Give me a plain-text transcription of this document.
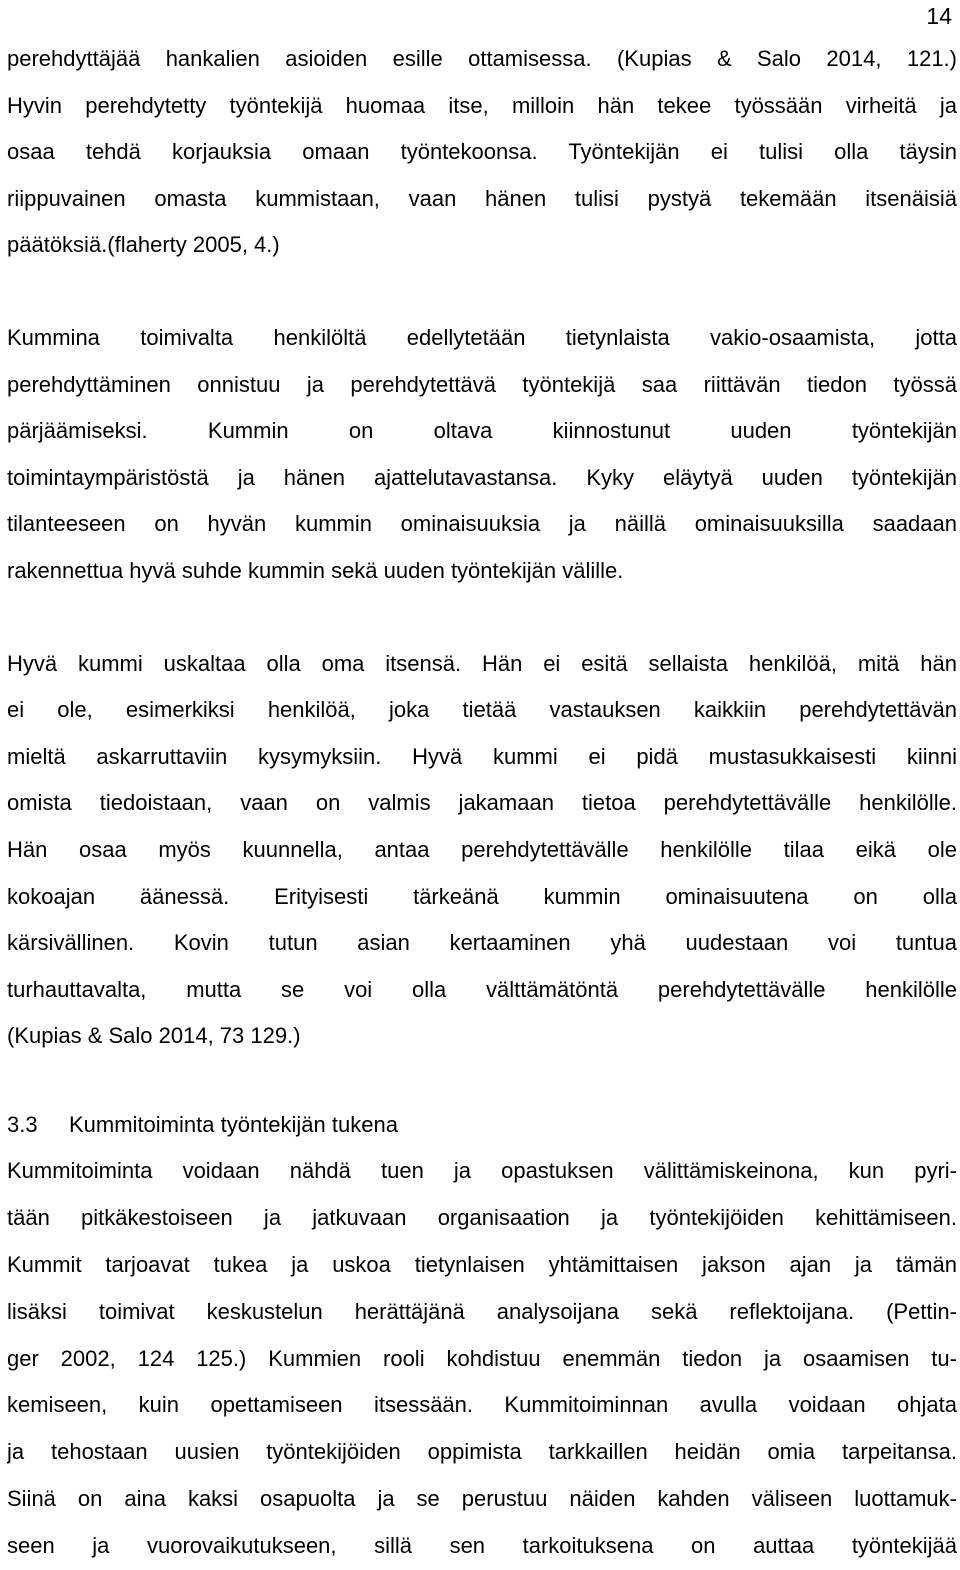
14
perehdyttäjää hankalien asioiden esille ottamisessa. (Kupias & Salo 2014, 121.)
Hyvin perehdytetty työntekijä huomaa itse, milloin hän tekee työssään virheitä ja
osaa tehdä korjauksia omaan työntekoonsa. Työntekijän ei tulisi olla täysin
riippuvainen omasta kummistaan, vaan hänen tulisi pystyä tekemään itsenäisiä
päätöksiä.(flaherty 2005, 4.)
Kummina toimivalta henkilöltä edellytetään tietynlaista vakio-osaamista, jotta
perehdyttäminen onnistuu ja perehdytettävä työntekijä saa riittävän tiedon työssä
pärjäämiseksi. Kummin on oltava kiinnostunut uuden työntekijän
toimintaympäristöstä ja hänen ajattelutavastansa. Kyky eläytyä uuden työntekijän
tilanteeseen on hyvän kummin ominaisuuksia ja näillä ominaisuuksilla saadaan
rakennettua hyvä suhde kummin sekä uuden työntekijän välille.
Hyvä kummi uskaltaa olla oma itsensä. Hän ei esitä sellaista henkilöä, mitä hän
ei ole, esimerkiksi henkilöä, joka tietää vastauksen kaikkiin perehdytettävän
mieltä askarruttaviin kysymyksiin. Hyvä kummi ei pidä mustasukkaisesti kiinni
omista tiedoistaan, vaan on valmis jakamaan tietoa perehdytettävälle henkilölle.
Hän osaa myös kuunnella, antaa perehdytettävälle henkilölle tilaa eikä ole
kokoajan äänessä. Erityisesti tärkeänä kummin ominaisuutena on olla
kärsivällinen. Kovin tutun asian kertaaminen yhä uudestaan voi tuntua
turhauttavalta, mutta se voi olla välttämätöntä perehdytettävälle henkilölle
(Kupias & Salo 2014, 73 129.)
3.3 Kummitoiminta työntekijän tukena
Kummitoiminta voidaan nähdä tuen ja opastuksen välittämiskeinona, kun pyri-
tään pitkäkestoiseen ja jatkuvaan organisaation ja työntekijöiden kehittämiseen.
Kummit tarjoavat tukea ja uskoa tietynlaisen yhtämittaisen jakson ajan ja tämän
lisäksi toimivat keskustelun herättäjänä analysoijana sekä reflektoijana. (Pettin-
ger 2002, 124 125.) Kummien rooli kohdistuu enemmän tiedon ja osaamisen tu-
kemiseen, kuin opettamiseen itsessään. Kummitoiminnan avulla voidaan ohjata
ja tehostaan uusien työntekijöiden oppimista tarkkaillen heidän omia tarpeitansa.
Siinä on aina kaksi osapuolta ja se perustuu näiden kahden väliseen luottamuk-
seen ja vuorovaikutukseen, sillä sen tarkoituksena on auttaa työntekijää
